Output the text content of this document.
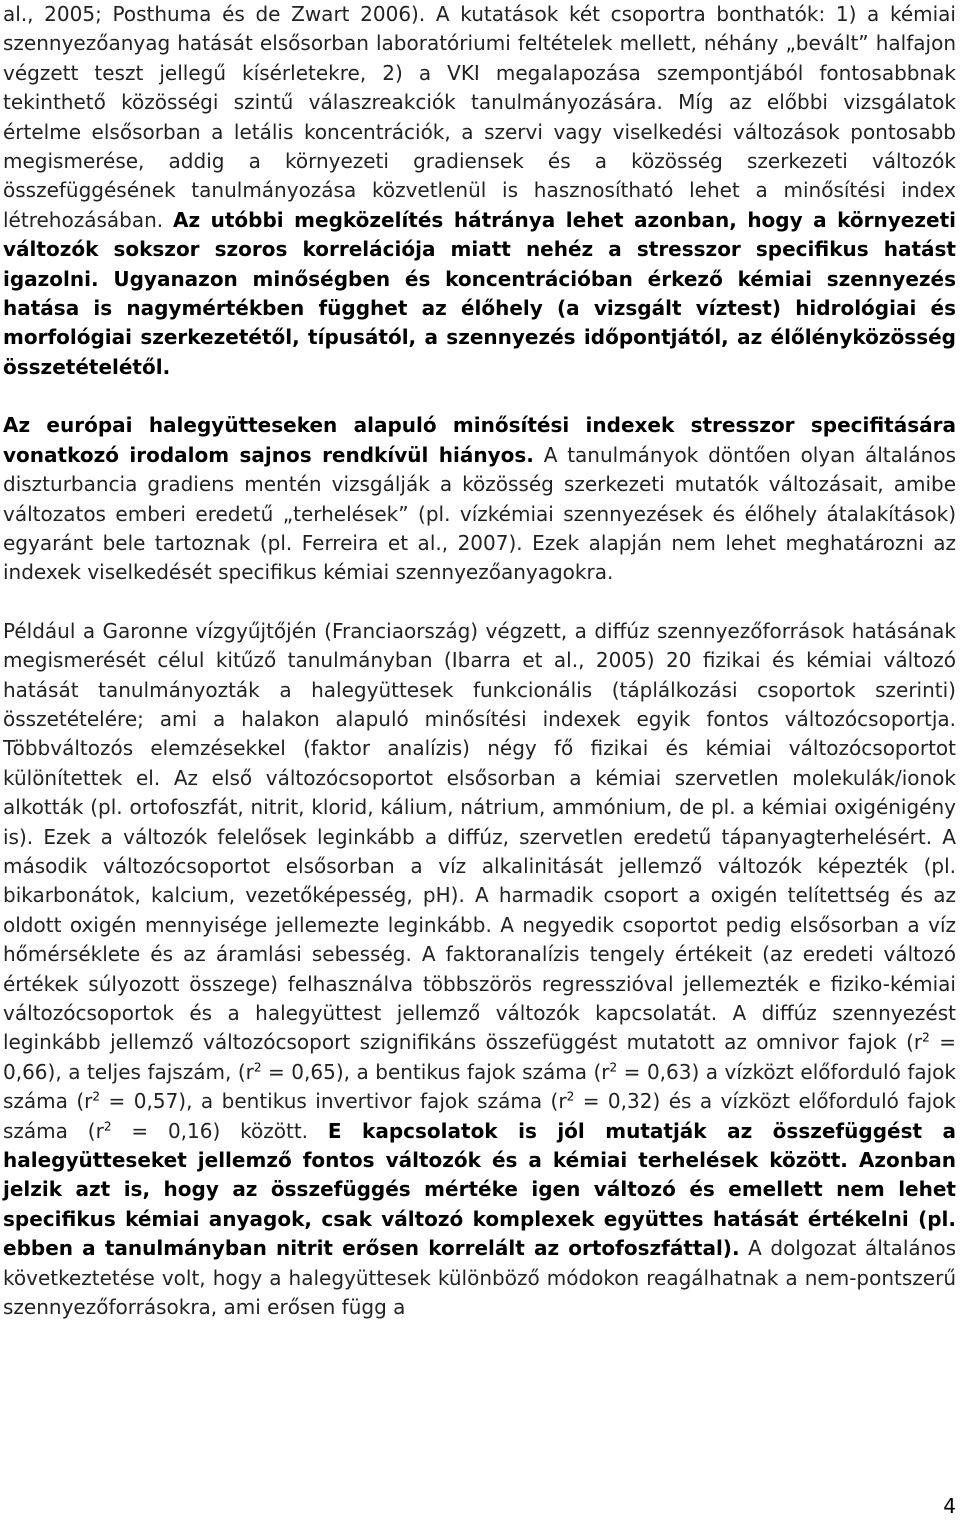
al., 2005; Posthuma és de Zwart 2006). A kutatások két csoportra bonthatók: 1) a kémiai szennyezőanyag hatását elsősorban laboratóriumi feltételek mellett, néhány „bevált” halfajon végzett teszt jellegű kísérletekre, 2) a VKI megalapozása szempontjából fontosabbnak tekinthető közösségi szintű válaszreakciók tanulmányozására. Míg az előbbi vizsgálatok értelme elsősorban a letális koncentrációk, a szervi vagy viselkedési változások pontosabb megismerése, addig a környezeti gradiensek és a közösség szerkezeti változók összefüggésének tanulmányozása közvetlenül is hasznosítható lehet a minősítési index létrehozásában. Az utóbbi megközelítés hátránya lehet azonban, hogy a környezeti változók sokszor szoros korrelációja miatt nehéz a stresszor specifikus hatást igazolni. Ugyanazon minőségben és koncentrációban érkező kémiai szennyezés hatása is nagymértékben függhet az élőhely (a vizsgált víztest) hidrológiai és morfológiai szerkezetétől, típusától, a szennyezés időpontjától, az élőlényközösség összetételétől.

Az európai halegyütteseken alapuló minősítési indexek stresszor specifitására vonatkozó irodalom sajnos rendkívül hiányos. A tanulmányok döntően olyan általános diszturbancia gradiens mentén vizsgálják a közösség szerkezeti mutatók változásait, amibe változatos emberi eredetű „terhelések” (pl. vízkémiai szennyezések és élőhely átalakítások) egyaránt bele tartoznak (pl. Ferreira et al., 2007). Ezek alapján nem lehet meghatározni az indexek viselkedését specifikus kémiai szennyezőanyagokra.

Például a Garonne vízgyűjtőjén (Franciaország) végzett, a diffúz szennyezőforrások hatásának megismerését célul kitűző tanulmányban (Ibarra et al., 2005) 20 fizikai és kémiai változó hatását tanulmányozták a halegyüttesek funkcionális (táplálkozási csoportok szerinti) összetételére; ami a halakon alapuló minősítési indexek egyik fontos változócsoportja. Többváltozós elemzésekkel (faktor analízis) négy fő fizikai és kémiai változócsoportot különítettek el. Az első változócsoportot elsősorban a kémiai szervetlen molekulák/ionok alkották (pl. ortofoszfát, nitrit, klorid, kálium, nátrium, ammónium, de pl. a kémiai oxigénigény is). Ezek a változók felelősek leginkább a diffúz, szervetlen eredetű tápanyagterhelésért. A második változócsoportot elsősorban a víz alkalinitását jellemző változók képezték (pl. bikarbonátok, kalcium, vezetőképesség, pH). A harmadik csoport a oxigén telítettség és az oldott oxigén mennyisége jellemezte leginkább. A negyedik csoportot pedig elsősorban a víz hőmérséklete és az áramlási sebesség. A faktoranalízis tengely értékeit (az eredeti változó értékek súlyozott összege) felhasználva többszörös regresszióval jellemezték e fiziko-kémiai változócsoportok és a halegyüttest jellemző változók kapcsolatát. A diffúz szennyezést leginkább jellemző változócsoport szignifikáns összefüggést mutatott az omnivor fajok $(r^2 = 0,66)$, a teljes fajszám, $(r^2 = 0,65)$, a bentikus fajok száma $(r^2 = 0,63)$ a vízközt előforduló fajok száma $(r^2 = 0,57)$, a bentikus invertivor fajok száma $(r^2 = 0,32)$ és a vízközt előforduló fajok száma $(r^2 = 0,16)$ között. E kapcsolatok is jól mutatják az összefüggést a halegyütteseket jellemző fontos változók és a kémiai terhelések között. Azonban jelzik azt is, hogy az összefüggés mértéke igen változó és emellett nem lehet specifikus kémiai anyagok, csak változó komplexek együttes hatását értékelni (pl. ebben a tanulmányban nitrit erősen korrelált az ortofoszfáttal). A dolgozat általános következtetése volt, hogy a halegyüttesek különböző módokon reagálhatnak a nem-pontszerű szennyezőforrásokra, ami erősen függ a

4
